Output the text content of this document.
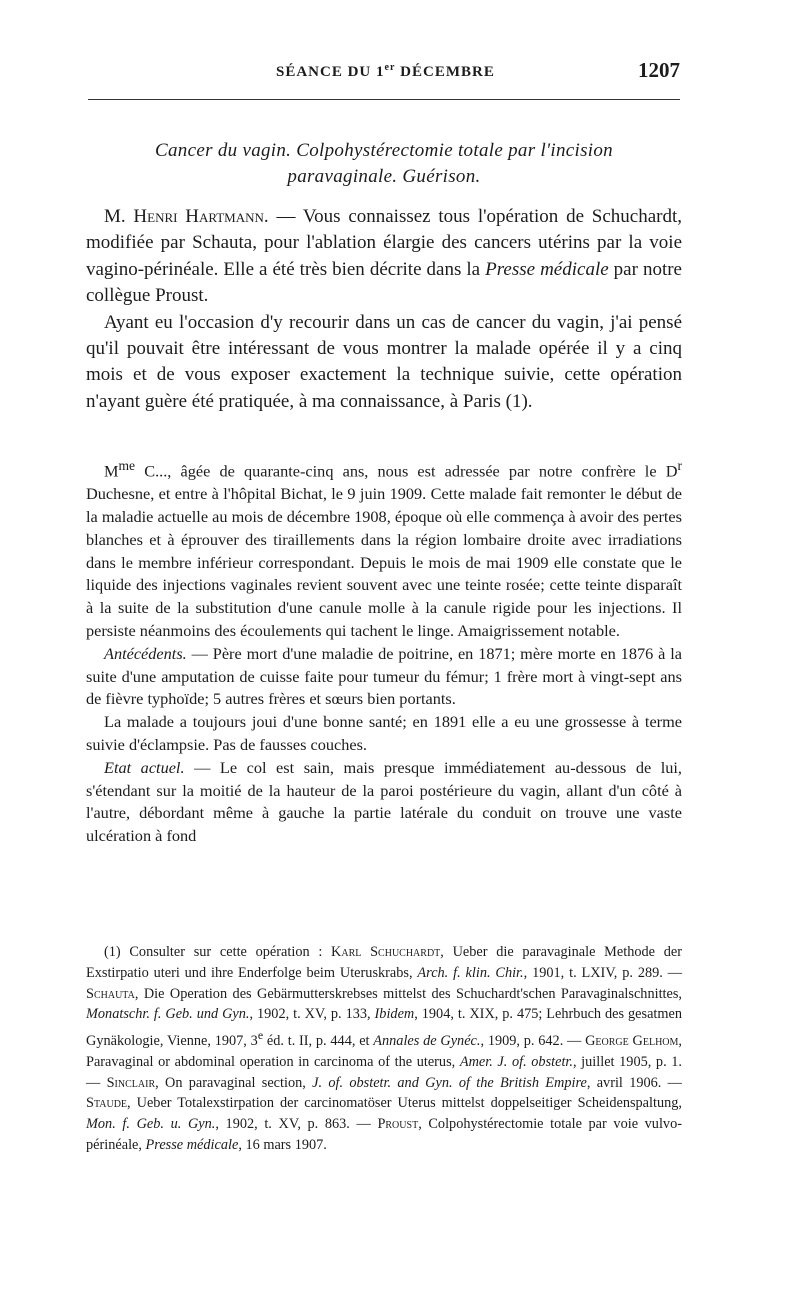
SÉANCE DU 1er DÉCEMBRE	1207
Cancer du vagin. Colpohystérectomie totale par l'incision
paravaginale. Guérison.

M. Henri Hartmann. — Vous connaissez tous l'opération de Schuchardt, modifiée par Schauta, pour l'ablation élargie des cancers utérins par la voie vagino-périnéale. Elle a été très bien décrite dans la Presse médicale par notre collègue Proust.

Ayant eu l'occasion d'y recourir dans un cas de cancer du vagin, j'ai pensé qu'il pouvait être intéressant de vous montrer la malade opérée il y a cinq mois et de vous exposer exactement la technique suivie, cette opération n'ayant guère été pratiquée, à ma connaissance, à Paris (1).

$M^{me}$ C..., âgée de quarante-cinq ans, nous est adressée par notre confrère le $D^r$ Duchesne, et entre à l'hôpital Bichat, le 9 juin 1909. Cette malade fait remonter le début de la maladie actuelle au mois de décembre 1908, époque où elle commença à avoir des pertes blanches et à éprouver des tiraillements dans la région lombaire droite avec irradiations dans le membre inférieur correspondant. Depuis le mois de mai 1909 elle constate que le liquide des injections vaginales revient souvent avec une teinte rosée; cette teinte disparaît à la suite de la substitution d'une canule molle à la canule rigide pour les injections. Il persiste néanmoins des écoulements qui tachent le linge. Amaigrissement notable.

Antécédents. — Père mort d'une maladie de poitrine, en 1871; mère morte en 1876 à la suite d'une amputation de cuisse faite pour tumeur du fémur; 1 frère mort à vingt-sept ans de fièvre typhoïde; 5 autres frères et sœurs bien portants.

La malade a toujours joui d'une bonne santé; en 1891 elle a eu une grossesse à terme suivie d'éclampsie. Pas de fausses couches.

Etat actuel. — Le col est sain, mais presque immédiatement au-dessous de lui, s'étendant sur la moitié de la hauteur de la paroi postérieure du vagin, allant d'un côté à l'autre, débordant même à gauche la partie latérale du conduit on trouve une vaste ulcération à fond

(1) Consulter sur cette opération : Karl Schuchardt, Ueber die paravaginale Methode der Exstirpatio uteri und ihre Enderfolge beim Uteruskrabs, Arch. f. klin. Chir., 1901, t. LXIV, p. 289. — Schauta, Die Operation des Gebärmutterskrebses mittelst des Schuchardt'schen Paravaginalschnittes, Monatschr. f. Geb. und Gyn., 1902, t. XV, p. 133, Ibidem, 1904, t. XIX, p. 475; Lehrbuch des gesatmen Gynäkologie, Vienne, 1907, 3e éd. t. II, p. 444, et Annales de Gynéc., 1909, p. 642. — George Gelhom, Paravaginal or abdominal operation in carcinoma of the uterus, Amer. J. of. obstetr., juillet 1905, p. 1. — Sinclair, On paravaginal section, J. of. obstetr. and Gyn. of the British Empire, avril 1906. — Staude, Ueber Totalexstirpation der carcinomatöser Uterus mittelst doppelseitiger Scheidenspaltung, Mon. f. Geb. u. Gyn., 1902, t. XV, p. 863. — Proust, Colpohystérectomie totale par voie vulvo-périnéale, Presse médicale, 16 mars 1907.
